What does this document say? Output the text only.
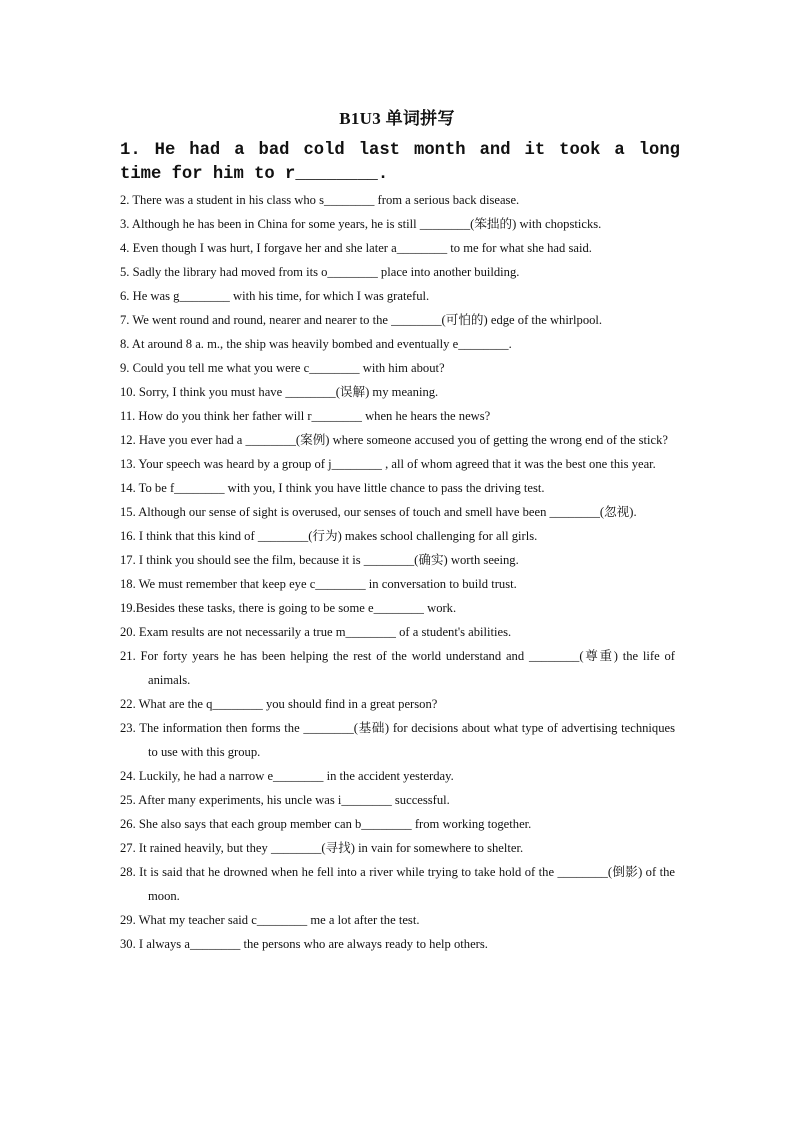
B1U3 单词拼写
1. He had a bad cold last month and it took a long time for him to r________.
2. There was a student in his class who s________ from a serious back disease.
3. Although he has been in China for some years, he is still ________(笨拙的) with chopsticks.
4. Even though I was hurt, I forgave her and she later a________ to me for what she had said.
5. Sadly the library had moved from its o________ place into another building.
6. He was g________ with his time, for which I was grateful.
7. We went round and round, nearer and nearer to the ________(可怕的) edge of the whirlpool.
8. At around 8 a. m., the ship was heavily bombed and eventually e________.
9. Could you tell me what you were c________ with him about?
10. Sorry, I think you must have ________(误解) my meaning.
11. How do you think her father will r________ when he hears the news?
12. Have you ever had a ________(案例) where someone accused you of getting the wrong end of the stick?
13. Your speech was heard by a group of j________ , all of whom agreed that it was the best one this year.
14. To be f________ with you, I think you have little chance to pass the driving test.
15. Although our sense of sight is overused, our senses of touch and smell have been ________(忽视).
16. I think that this kind of ________(行为) makes school challenging for all girls.
17. I think you should see the film, because it is ________(确实) worth seeing.
18. We must remember that keep eye c________ in conversation to build trust.
19.Besides these tasks, there is going to be some e________ work.
20. Exam results are not necessarily a true m________ of a student's abilities.
21. For forty years he has been helping the rest of the world understand and ________(尊重) the life of animals.
22. What are the q________ you should find in a great person?
23. The information then forms the ________(基础) for decisions about what type of advertising techniques to use with this group.
24. Luckily, he had a narrow e________ in the accident yesterday.
25. After many experiments, his uncle was i________ successful.
26. She also says that each group member can b________ from working together.
27. It rained heavily, but they ________(寻找) in vain for somewhere to shelter.
28. It is said that he drowned when he fell into a river while trying to take hold of the ________(倒影) of the moon.
29. What my teacher said c________ me a lot after the test.
30. I always a________ the persons who are always ready to help others.
